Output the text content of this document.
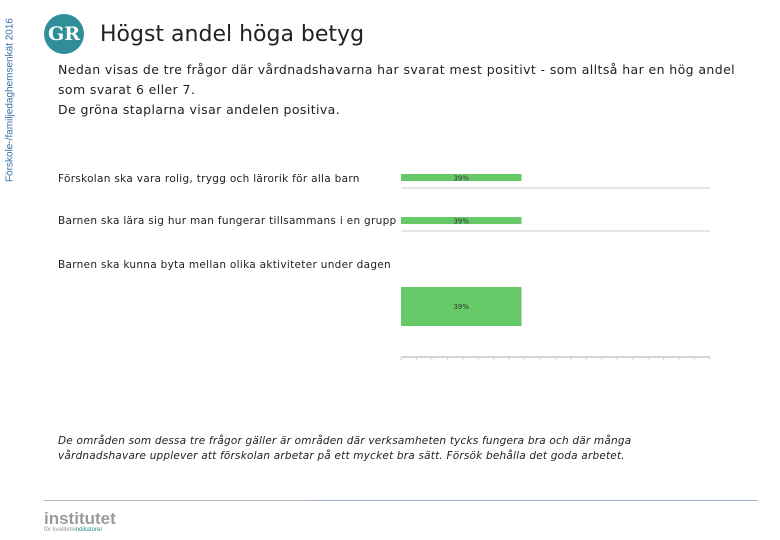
Förskole-/familjedaghemsenkät 2016 GR Högst andel höga betyg

Nedan visas de tre frågor där vårdnadshavarna har svarat mest positivt - som alltså har en hög andel som svarat 6 eller 7.

De gröna staplarna visar andelen positiva.

Förskolan ska vara rolig, trygg och lärorik för alla barn
Barnen ska lära sig hur man fungerar tillsammans i en grupp
Barnen ska kunna byta mellan olika aktiviteter under dagen
39%
39%
39%
De områden som dessa tre frågor gäller är områden där verksamheten tycks fungera bra och där många vårdnadshavare upplever att förskolan arbetar på ett mycket bra sätt. Försök behålla det goda arbetet.
institutet
för kvalitetsindikatorer
